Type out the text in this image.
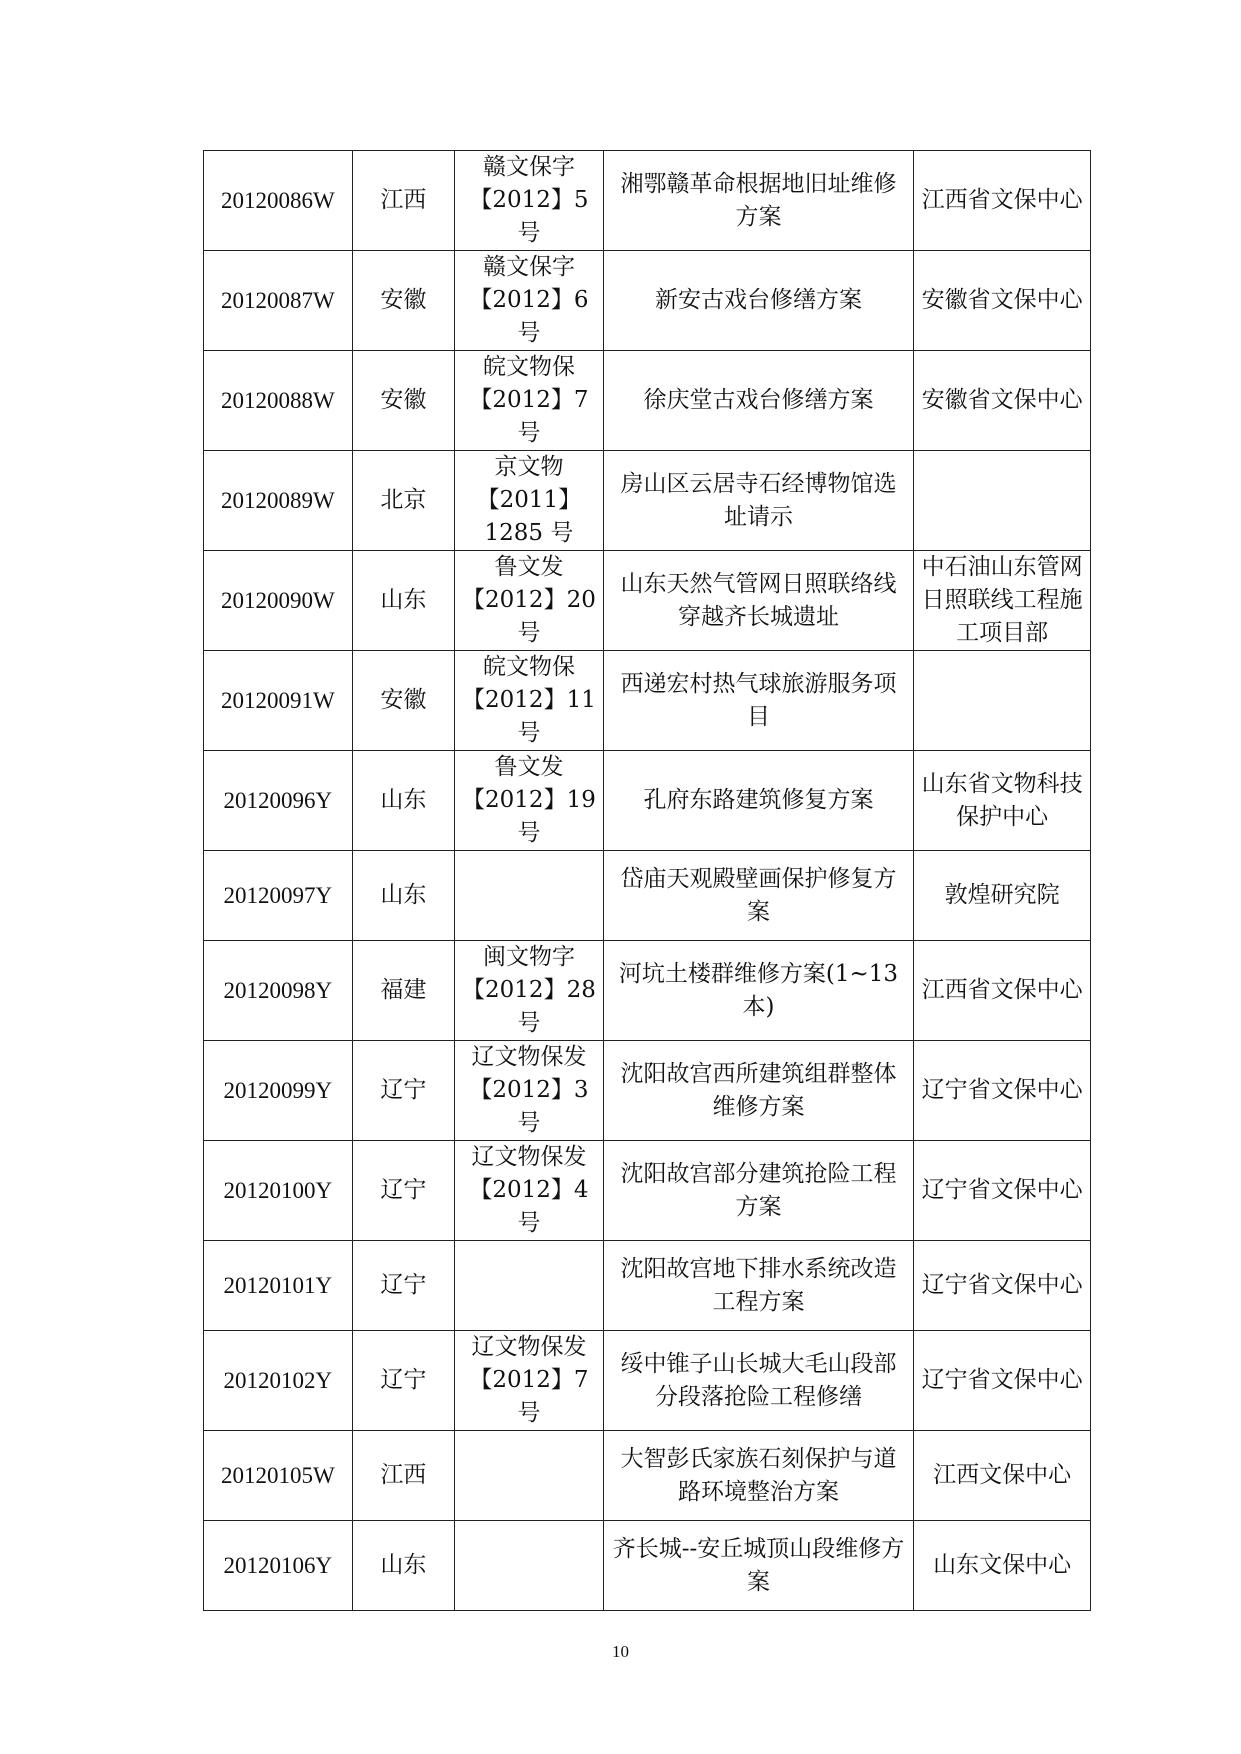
20120086W	江西	赣文保字
【2012】5
号	湘鄂赣革命根据地旧址维修方案	江西省文保中心
20120087W	安徽	赣文保字
【2012】6
号	新安古戏台修缮方案	安徽省文保中心
20120088W	安徽	皖文物保
【2012】7
号	徐庆堂古戏台修缮方案	安徽省文保中心
20120089W	北京	京文物
【2011】
1285 号	房山区云居寺石经博物馆选址请示	
20120090W	山东	鲁文发
【2012】20
号	山东天然气管网日照联络线穿越齐长城遗址	中石油山东管网日照联线工程施工项目部
20120091W	安徽	皖文物保
【2012】11
号	西递宏村热气球旅游服务项目	
20120096Y	山东	鲁文发
【2012】19
号	孔府东路建筑修复方案	山东省文物科技保护中心
20120097Y	山东		岱庙天观殿壁画保护修复方案	敦煌研究院
20120098Y	福建	闽文物字
【2012】28
号	河坑土楼群维修方案(1~13本)	江西省文保中心
20120099Y	辽宁	辽文物保发
【2012】3
号	沈阳故宫西所建筑组群整体维修方案	辽宁省文保中心
20120100Y	辽宁	辽文物保发
【2012】4
号	沈阳故宫部分建筑抢险工程方案	辽宁省文保中心
20120101Y	辽宁		沈阳故宫地下排水系统改造工程方案	辽宁省文保中心
20120102Y	辽宁	辽文物保发
【2012】7
号	绥中锥子山长城大毛山段部分段落抢险工程修缮	辽宁省文保中心
20120105W	江西		大智彭氏家族石刻保护与道路环境整治方案	江西文保中心
20120106Y	山东		齐长城--安丘城顶山段维修方案	山东文保中心
10
